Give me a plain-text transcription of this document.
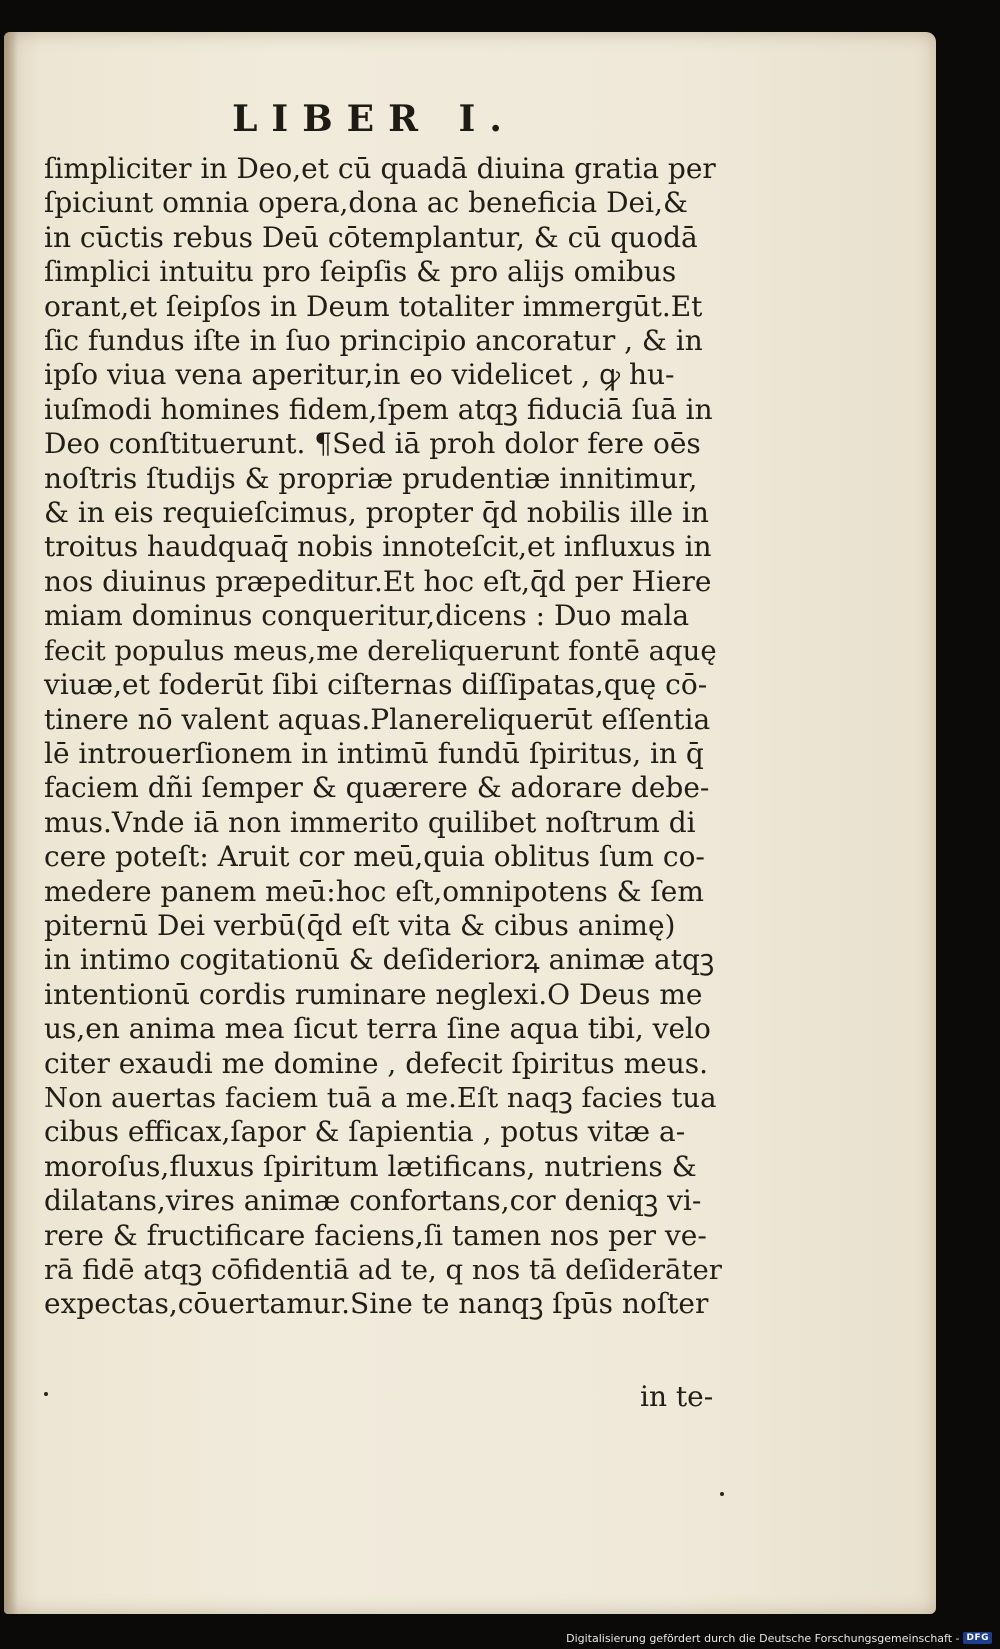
LIBER I.
ſimpliciter in Deo,et cū quadā diuina gratia per
ſpiciunt omnia opera,dona ac beneficia Dei,&
in cūctis rebus Deū cōtemplantur, & cū quodā
ſimplici intuitu pro ſeipſis & pro alijs omibus
orant,et ſeipſos in Deum totaliter immergūt.Et
ſic fundus iſte in ſuo principio ancoratur , & in
ipſo viua vena aperitur,in eo videlicet , ꝙ hu-
iuſmodi homines fidem,ſpem atqꝫ fiduciā ſuā in
Deo conſtituerunt. ¶Sed iā proh dolor fere oēs
noſtris ſtudijs & propriæ prudentiæ innitimur,
& in eis requieſcimus, propter q̄d nobilis ille in
troitus haudquaq̄ nobis innoteſcit,et influxus in
nos diuinus præpeditur.Et hoc eſt,q̄d per Hiere
miam dominus conqueritur,dicens : Duo mala
fecit populus meus,me dereliquerunt fontē aquę
viuæ,et foderūt ſibi ciſternas diſſipatas,quę cō-
tinere nō valent aquas.Planereliquerūt eſſentia
lē introuerſionem in intimū fundū ſpiritus, in q̄
faciem dñi ſemper & quærere & adorare debe-
mus.Vnde iā non immerito quilibet noſtrum di
cere poteſt: Aruit cor meū,quia oblitus ſum co-
medere panem meū:hoc eſt,omnipotens & ſem
piternū Dei verbū(q̄d eſt vita & cibus animę)
in intimo cogitationū & deſideriorꝝ animæ atqꝫ
intentionū cordis ruminare neglexi.O Deus me
us,en anima mea ſicut terra ſine aqua tibi, velo
citer exaudi me domine , defecit ſpiritus meus.
Non auertas faciem tuā a me.Eſt naqꝫ facies tua
cibus efficax,ſapor & ſapientia , potus vitæ a-
moroſus,fluxus ſpiritum lætificans, nutriens &
dilatans,vires animæ confortans,cor deniqꝫ vi-
rere & fructificare faciens,ſi tamen nos per ve-
rā fidē atqꝫ cōfidentiā ad te, q nos tā deſiderāter
expectas,cōuertamur.Sine te nanqꝫ ſpūs noſter
in te-
Digitalisierung gefördert durch die Deutsche Forschungsgemeinschaft - DFG
